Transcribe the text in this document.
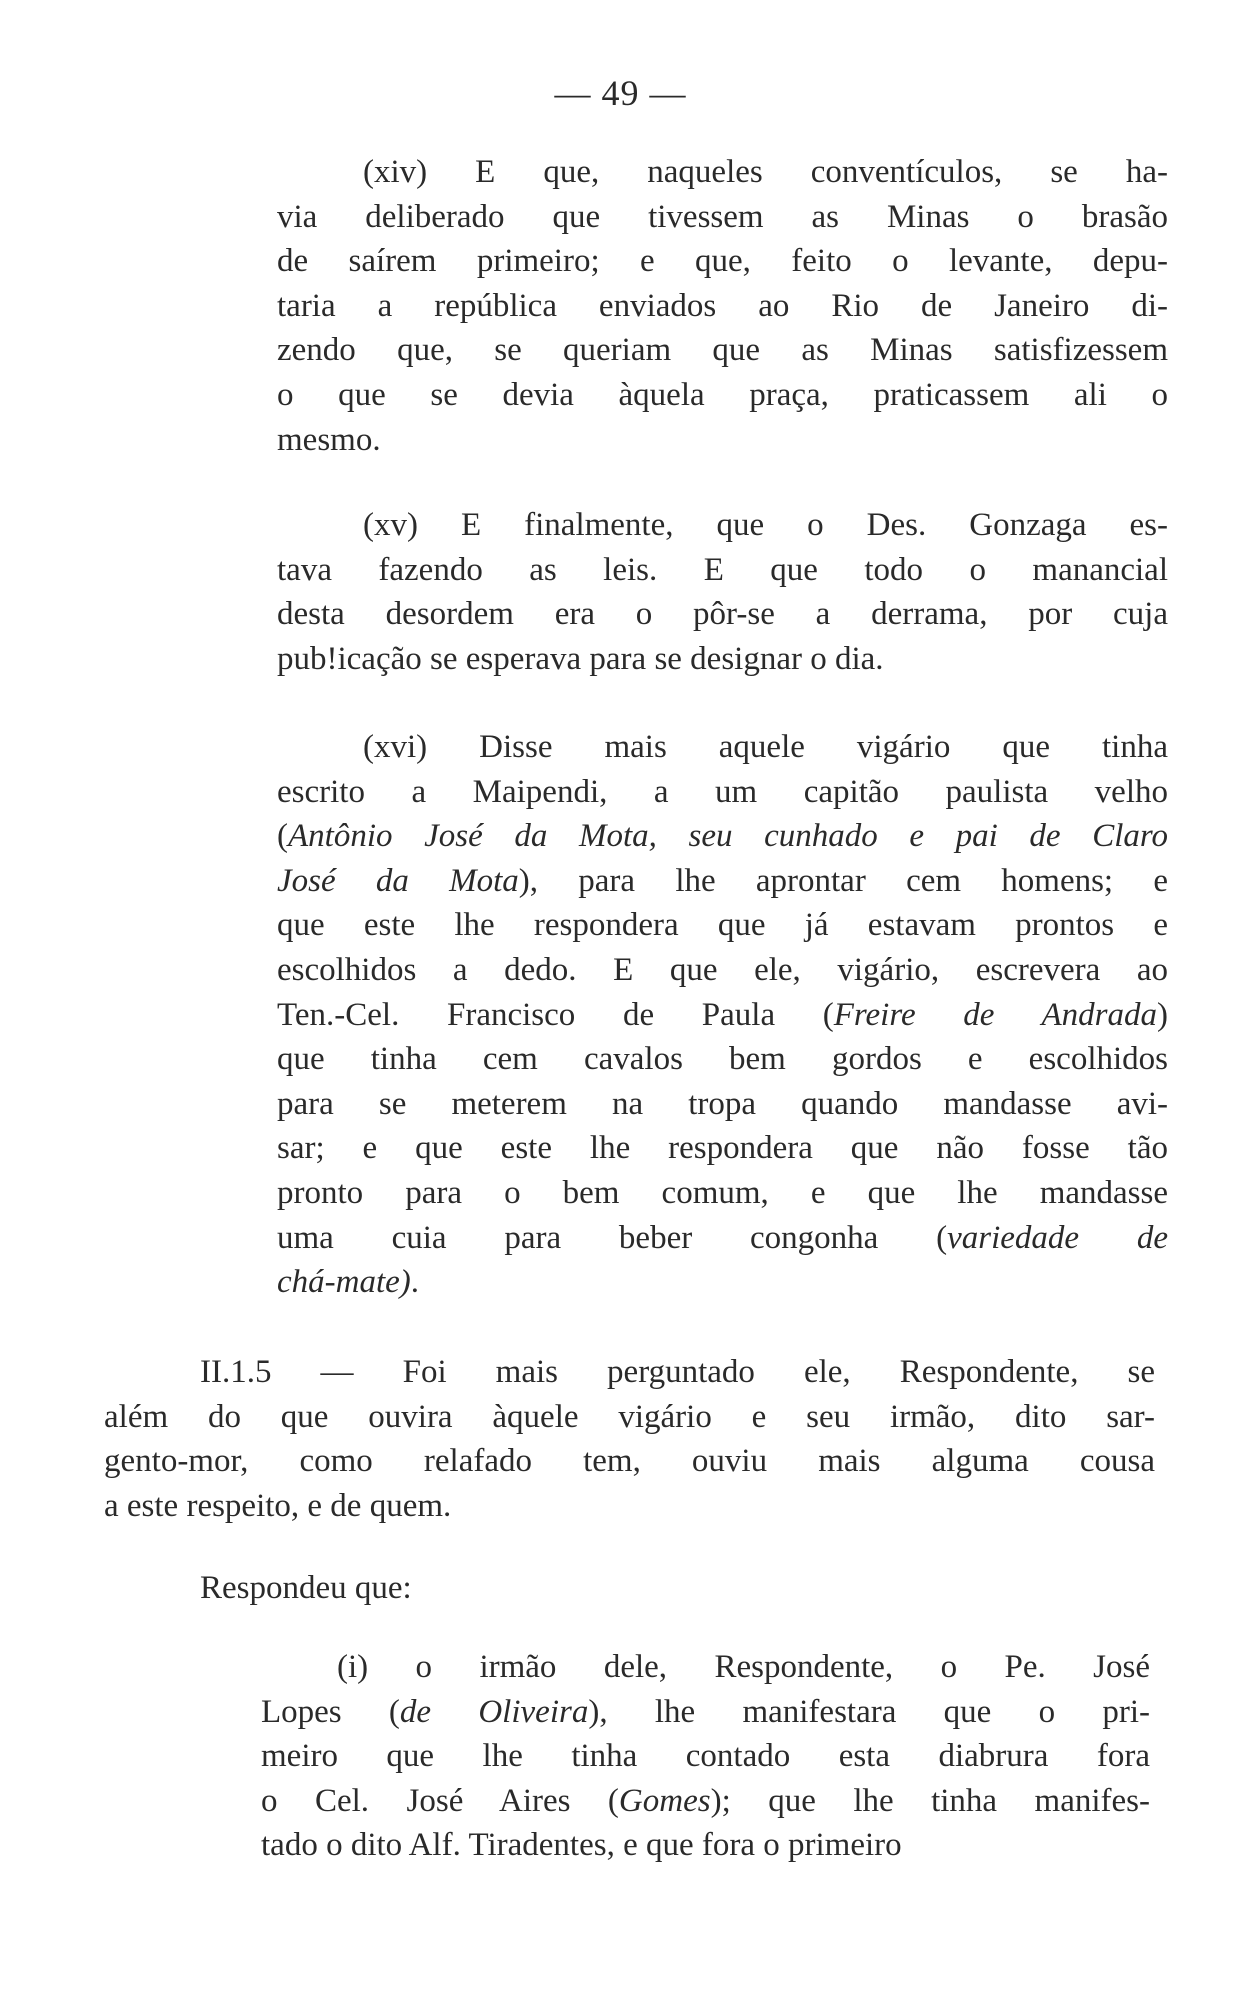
— 49 —
(xiv) E que, naqueles conventículos, se ha-
via deliberado que tivessem as Minas o brasão
de saírem primeiro; e que, feito o levante, depu-
taria a república enviados ao Rio de Janeiro di-
zendo que, se queriam que as Minas satisfizessem
o que se devia àquela praça, praticassem ali o
mesmo.
(xv) E finalmente, que o Des. Gonzaga es-
tava fazendo as leis. E que todo o manancial
desta desordem era o pôr-se a derrama, por cuja
pub!icação se esperava para se designar o dia.
(xvi) Disse mais aquele vigário que tinha
escrito a Maipendi, a um capitão paulista velho
(Antônio José da Mota, seu cunhado e pai de Claro
José da Mota), para lhe aprontar cem homens; e
que este lhe respondera que já estavam prontos e
escolhidos a dedo. E que ele, vigário, escrevera ao
Ten.-Cel. Francisco de Paula (Freire de Andrada)
que tinha cem cavalos bem gordos e escolhidos
para se meterem na tropa quando mandasse avi-
sar; e que este lhe respondera que não fosse tão
pronto para o bem comum, e que lhe mandasse
uma cuia para beber congonha (variedade de
chá-mate).
II.1.5 — Foi mais perguntado ele, Respondente, se
além do que ouvira àquele vigário e seu irmão, dito sar-
gento-mor, como relafado tem, ouviu mais alguma cousa
a este respeito, e de quem.
Respondeu que:
(i) o irmão dele, Respondente, o Pe. José
Lopes (de Oliveira), lhe manifestara que o pri-
meiro que lhe tinha contado esta diabrura fora
o Cel. José Aires (Gomes); que lhe tinha manifes-
tado o dito Alf. Tiradentes, e que fora o primeiro
